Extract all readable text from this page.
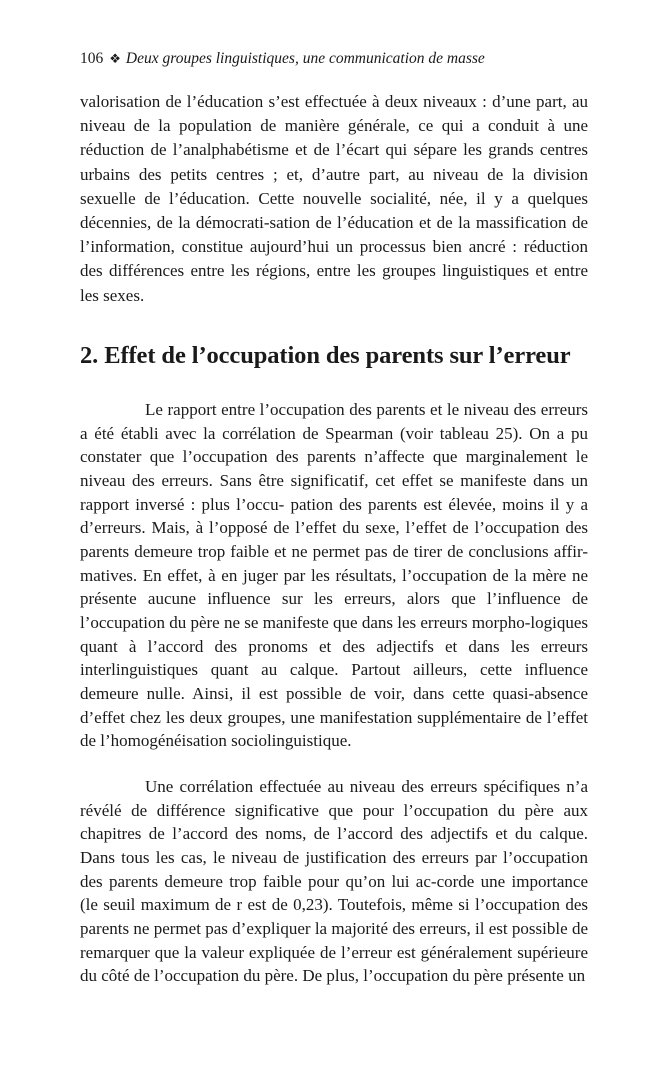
106 ❖ Deux groupes linguistiques, une communication de masse

valorisation de l’éducation s’est effectuée à deux niveaux : d’une part, au niveau de la population de manière générale, ce qui a conduit à une réduction de l’analphabétisme et de l’écart qui sépare les grands centres urbains des petits centres ; et, d’autre part, au niveau de la division sexuelle de l’éducation. Cette nouvelle socialité, née, il y a quelques décennies, de la démocrati-sation de l’éducation et de la massification de l’information, constitue aujourd’hui un processus bien ancré : réduction des différences entre les régions, entre les groupes linguistiques et entre les sexes.

2. Effet de l’occupation des parents sur l’erreur

Le rapport entre l’occupation des parents et le niveau des erreurs a été établi avec la corrélation de Spearman (voir tableau 25). On a pu constater que l’occupation des parents n’affecte que marginalement le niveau des erreurs. Sans être significatif, cet effet se manifeste dans un rapport inversé : plus l’occu- pation des parents est élevée, moins il y a d’erreurs. Mais, à l’opposé de l’effet du sexe, l’effet de l’occupation des parents demeure trop faible et ne permet pas de tirer de conclusions affir- matives. En effet, à en juger par les résultats, l’occupation de la mère ne présente aucune influence sur les erreurs, alors que l’influence de l’occupation du père ne se manifeste que dans les erreurs morpho-logiques quant à l’accord des pronoms et des adjectifs et dans les erreurs interlinguistiques quant au calque. Partout ailleurs, cette influence demeure nulle. Ainsi, il est possible de voir, dans cette quasi-absence d’effet chez les deux groupes, une manifestation supplémentaire de l’effet de l’homogénéisation sociolinguistique.

Une corrélation effectuée au niveau des erreurs spécifiques n’a révélé de différence significative que pour l’occupation du père aux chapitres de l’accord des noms, de l’accord des adjectifs et du calque. Dans tous les cas, le niveau de justification des erreurs par l’occupation des parents demeure trop faible pour qu’on lui ac-corde une importance (le seuil maximum de r est de 0,23). Toutefois, même si l’occupation des parents ne permet pas d’expliquer la majorité des erreurs, il est possible de remarquer que la valeur expliquée de l’erreur est généralement supérieure du côté de l’occupation du père. De plus, l’occupation du père présente un
